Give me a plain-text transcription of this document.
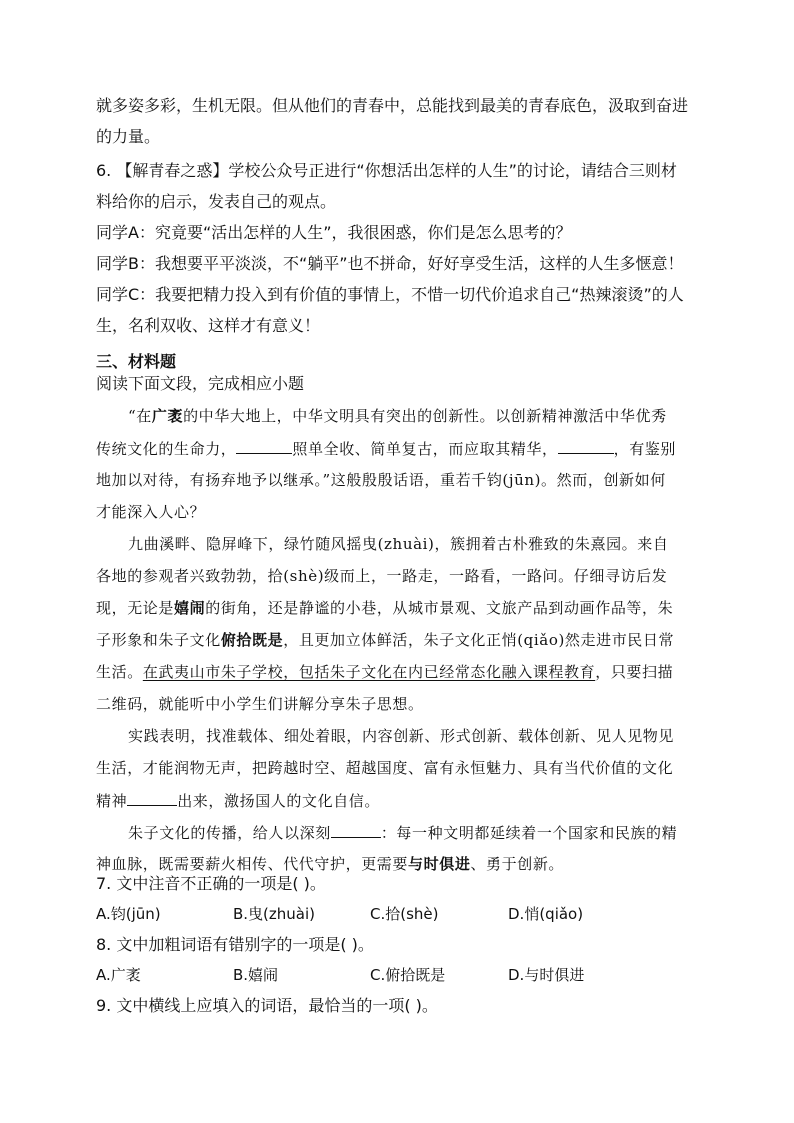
就多姿多彩，生机无限。但从他们的青春中，总能找到最美的青春底色，汲取到奋进
的力量。
6. 【解青春之惑】学校公众号正进行“你想活出怎样的人生”的讨论，请结合三则材
料给你的启示，发表自己的观点。
同学A：究竟要“活出怎样的人生”，我很困惑，你们是怎么思考的？
同学B：我想要平平淡淡，不“躺平”也不拼命，好好享受生活，这样的人生多惬意！
同学C：我要把精力投入到有价值的事情上，不惜一切代价追求自己“热辣滚烫”的人
生，名利双收、这样才有意义！
三、材料题
阅读下面文段，完成相应小题
“在广袤的中华大地上，中华文明具有突出的创新性。以创新精神激活中华优秀
传统文化的生命力，	照单全收、简单复古，而应取其精华，	，有鉴别
地加以对待，有扬弃地予以继承。”这般殷殷话语，重若千钧(jūn)。然而，创新如何
才能深入人心？
九曲溪畔、隐屏峰下，绿竹随风摇曳(zhuài)，簇拥着古朴雅致的朱熹园。来自
各地的参观者兴致勃勃，拾(shè)级而上，一路走，一路看，一路问。仔细寻访后发
现，无论是嬉闹的街角，还是静谧的小巷，从城市景观、文旅产品到动画作品等，朱
子形象和朱子文化俯拾既是，且更加立体鲜活，朱子文化正悄(qiǎo)然走进市民日常
生活。在武夷山市朱子学校，包括朱子文化在内已经常态化融入课程教育，只要扫描
二维码，就能听中小学生们讲解分享朱子思想。
实践表明，找准载体、细处着眼，内容创新、形式创新、载体创新、见人见物见
生活，才能润物无声，把跨越时空、超越国度、富有永恒魅力、具有当代价值的文化
精神	出来，激扬国人的文化自信。
朱子文化的传播，给人以深刻	：每一种文明都延续着一个国家和民族的精
神血脉，既需要薪火相传、代代守护，更需要与时俱进、勇于创新。
7. 文中注音不正确的一项是( )。
A.钧(jūn)	B.曳(zhuài)	C.拾(shè)	D.悄(qiǎo)
8. 文中加粗词语有错别字的一项是( )。
A.广袤	B.嬉闹	C.俯拾既是	D.与时俱进
9. 文中横线上应填入的词语，最恰当的一项( )。
